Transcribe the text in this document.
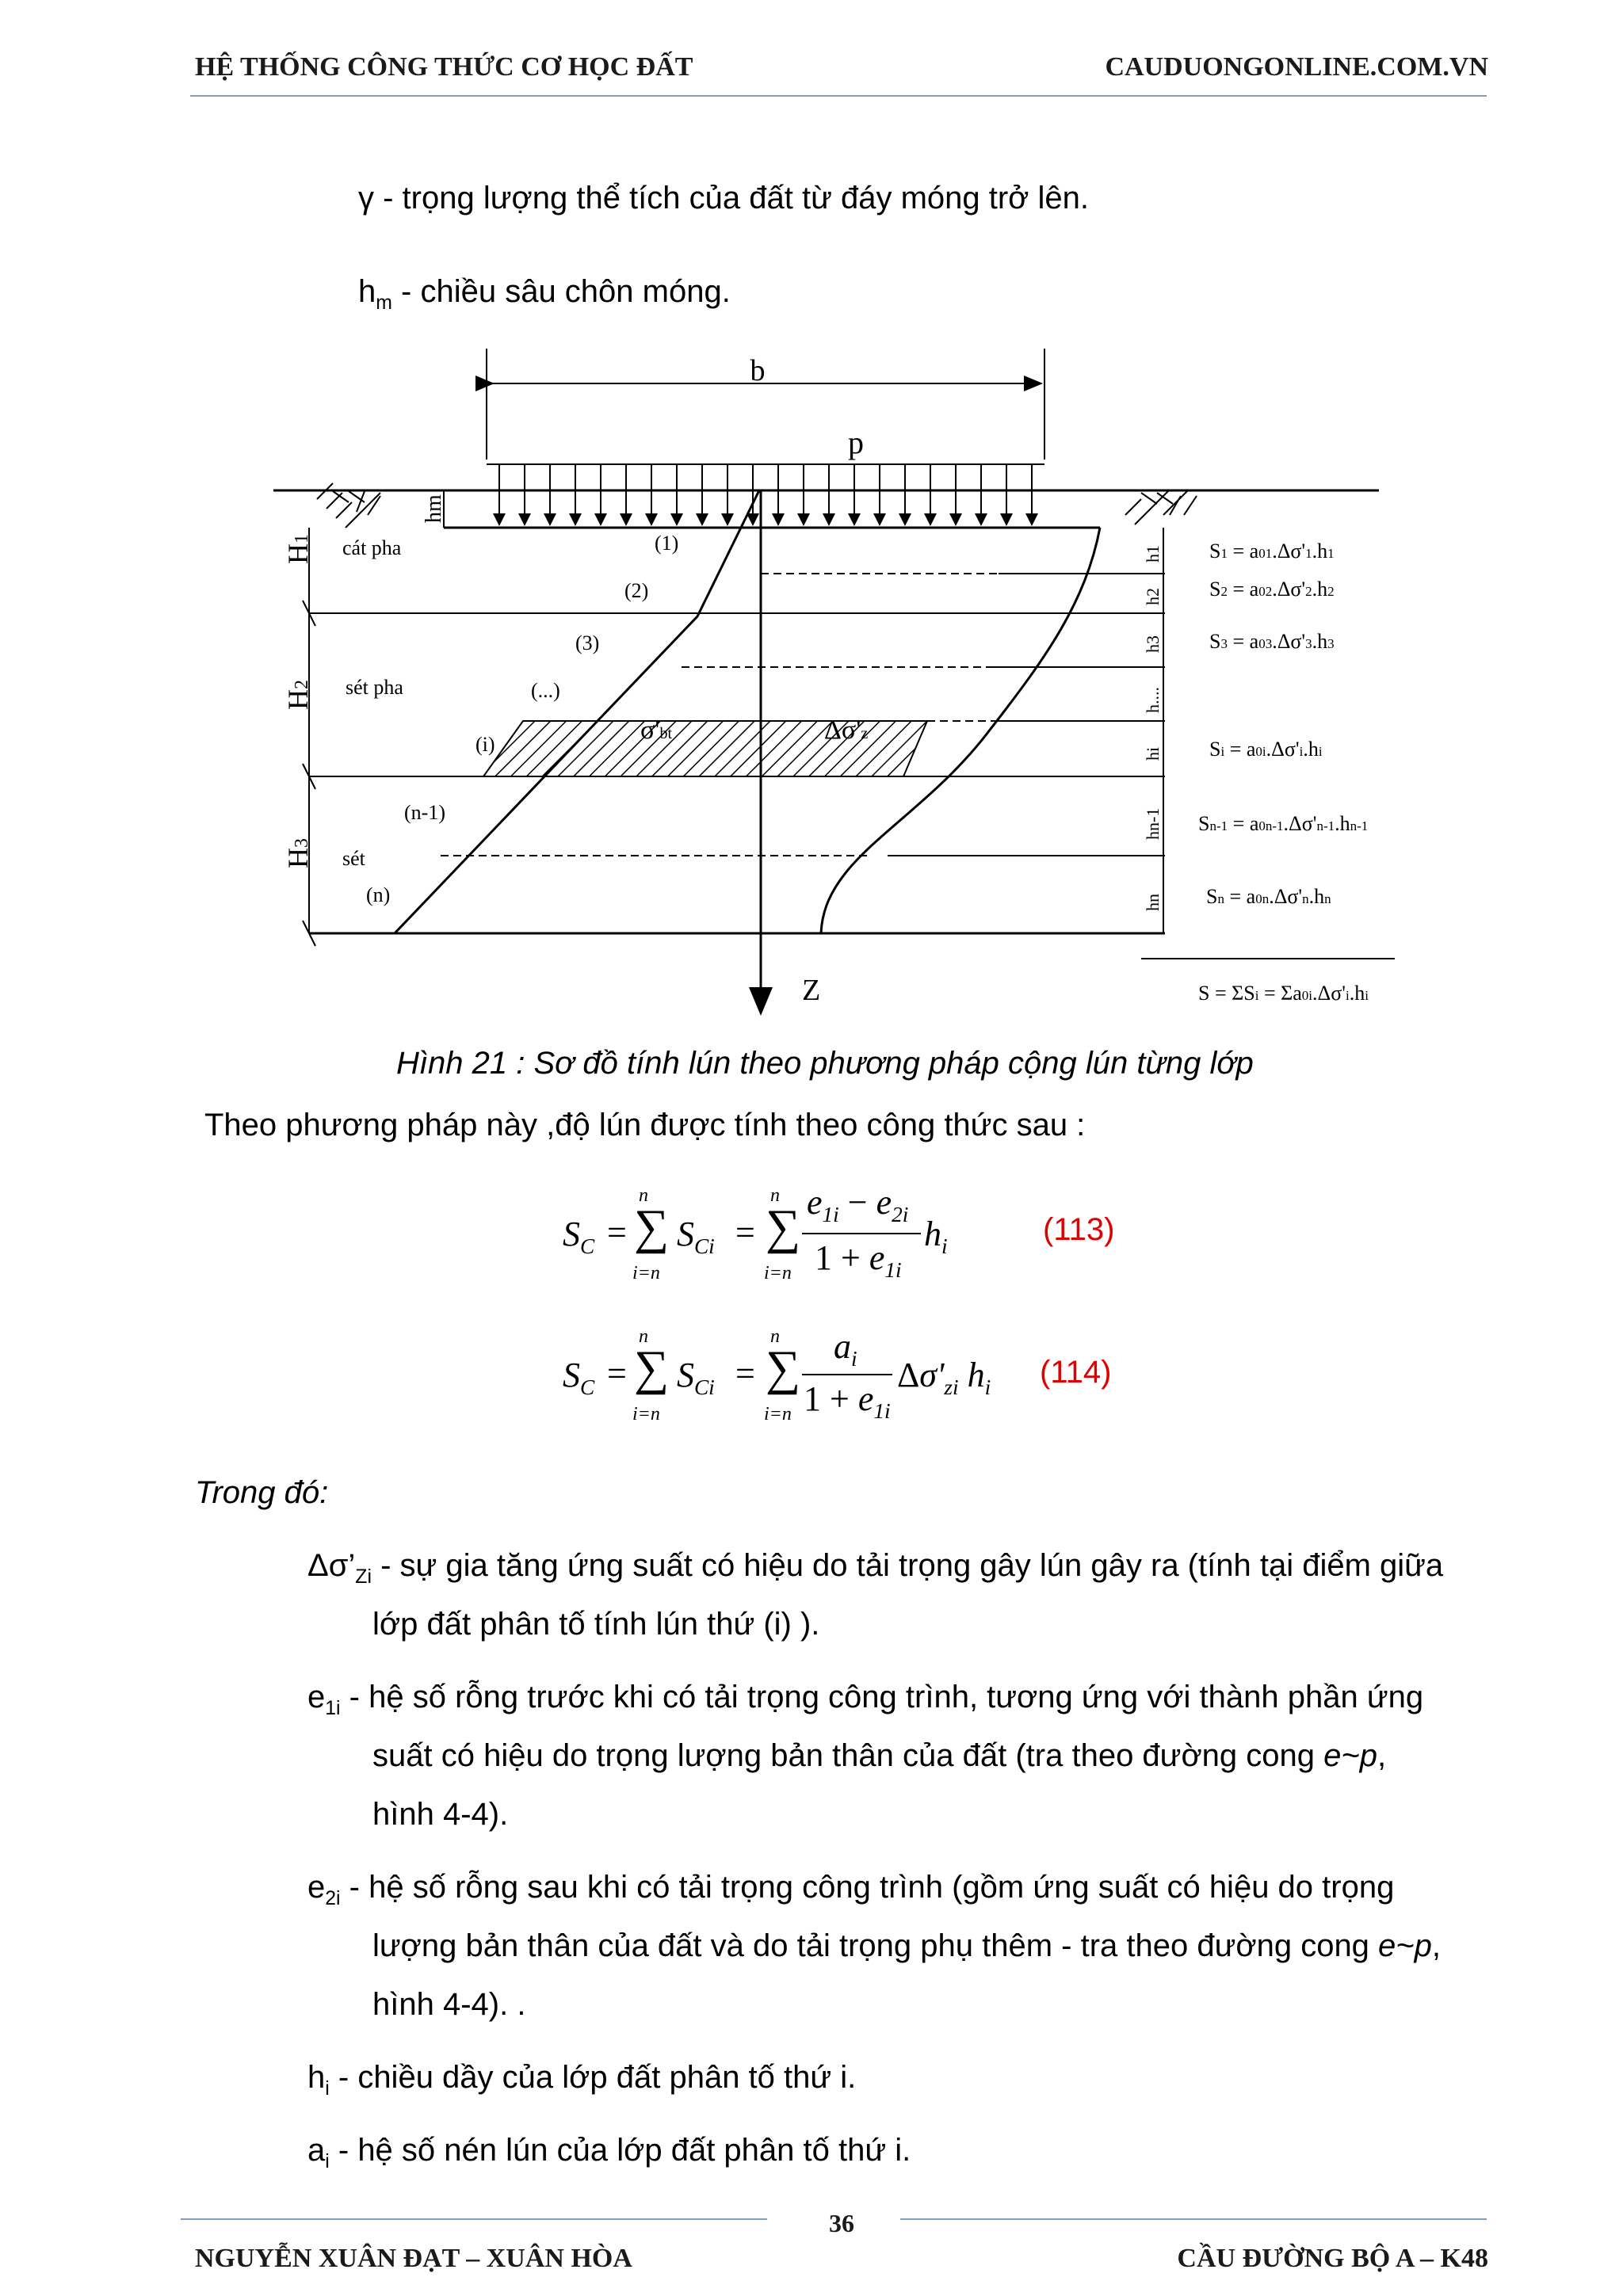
HỆ THỐNG CÔNG THỨC CƠ HỌC ĐẤT	CAUDUONGONLINE.COM.VN
γ - trọng lượng thể tích của đất từ đáy móng trở lên.
$h_m$ - chiều sâu chôn móng.
b
p
hm
H1
H2
H3
cát pha
sét pha
sét
(1)
(2)
(3)
(...)
(i)
(n-1)
(n)
σ'bt	Δσ'z
Z
h1
h2
h3
h....
hi
hn-1
hn
S1 = a01.Δσ'1.h1
S2 = a02.Δσ'2.h2
S3 = a03.Δσ'3.h3
Si = a0i.Δσ'i.hi
Sn-1 = a0n-1.Δσ'n-1.hn-1
Sn = a0n.Δσ'n.hn
S = ΣSi = Σa0i.Δσ'i.hi
Hình 21 : Sơ đồ tính lún theo phương pháp cộng lún từng lớp
Theo phương pháp này ,độ lún được tính theo công thức sau :
$S_C$ =
n
∑
i=n
$S_{Ci}$ =
n
∑
i=n
$e_{1i} - e_{2i}$
$1 + e_{1i}$
$h_i$	(113)
$S_C$ =
n
∑
i=n
$S_{Ci}$ =
n
∑
i=n
$a_i$
$1 + e_{1i}$
$\Delta\sigma'_{zi}$ $h_i$ (114)
Trong đó:
$\Delta\sigma’_{Zi}$ - sự gia tăng ứng suất có hiệu do tải trọng gây lún gây ra (tính tại điểm giữa
lớp đất phân tố tính lún thứ (i) ).
$e_{1i}$ - hệ số rỗng trước khi có tải trọng công trình, tương ứng với thành phần ứng
suất có hiệu do trọng lượng bản thân của đất (tra theo đường cong e~p,
hình 4-4).
$e_{2i}$ - hệ số rỗng sau khi có tải trọng công trình (gồm ứng suất có hiệu do trọng
lượng bản thân của đất và do tải trọng phụ thêm - tra theo đường cong e~p,
hình 4-4). .
$h_i$ - chiều dầy của lớp đất phân tố thứ i.
$a_i$ - hệ số nén lún của lớp đất phân tố thứ i.
36
NGUYỄN XUÂN ĐẠT – XUÂN HÒA	CẦU ĐƯỜNG BỘ A – K48
